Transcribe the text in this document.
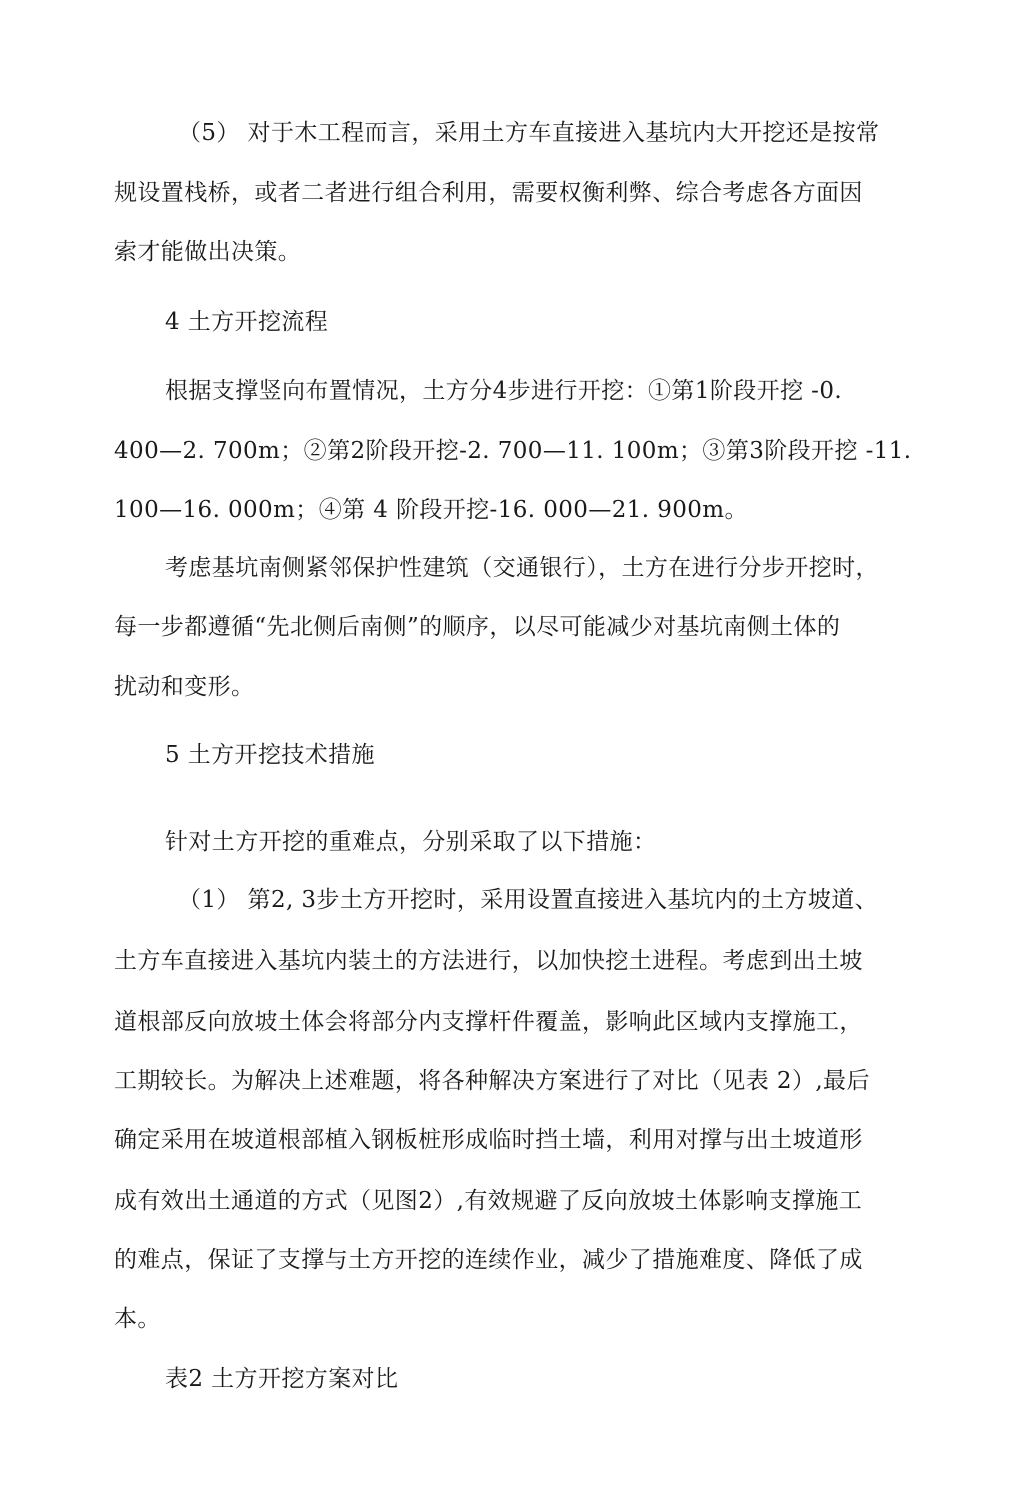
（5） 对于木工程而言，采用土方车直接进入基坑内大开挖还是按常
规设置栈桥，或者二者进行组合利用，需要权衡利弊、综合考虑各方面因
索才能做出决策。
4 土方开挖流程
根据支撑竖向布置情况，土方分4步进行开挖：①第1阶段开挖 -0.
400—2. 700m；②第2阶段开挖-2. 700—11. 100m；③第3阶段开挖 -11.
100—16. 000m；④第 4 阶段开挖-16. 000—21. 900m。
考虑基坑南侧紧邻保护性建筑（交通银行），土方在进行分步开挖时，
每一步都遵循“先北侧后南侧”的顺序，以尽可能减少对基坑南侧土体的
扰动和变形。
5 土方开挖技术措施
针对土方开挖的重难点，分别采取了以下措施：
（1） 第2, 3步土方开挖时，采用设置直接进入基坑内的土方坡道、
土方车直接进入基坑内装土的方法进行，以加快挖土进程。考虑到出土坡
道根部反向放坡土体会将部分内支撑杆件覆盖，影响此区域内支撑施工，
工期较长。为解决上述难题，将各种解决方案进行了对比（见表 2）,最后
确定采用在坡道根部植入钢板桩形成临时挡土墙，利用对撑与出土坡道形
成有效出土通道的方式（见图2）,有效规避了反向放坡土体影响支撑施工
的难点，保证了支撑与土方开挖的连续作业，减少了措施难度、降低了成
本。
表2 土方开挖方案对比
